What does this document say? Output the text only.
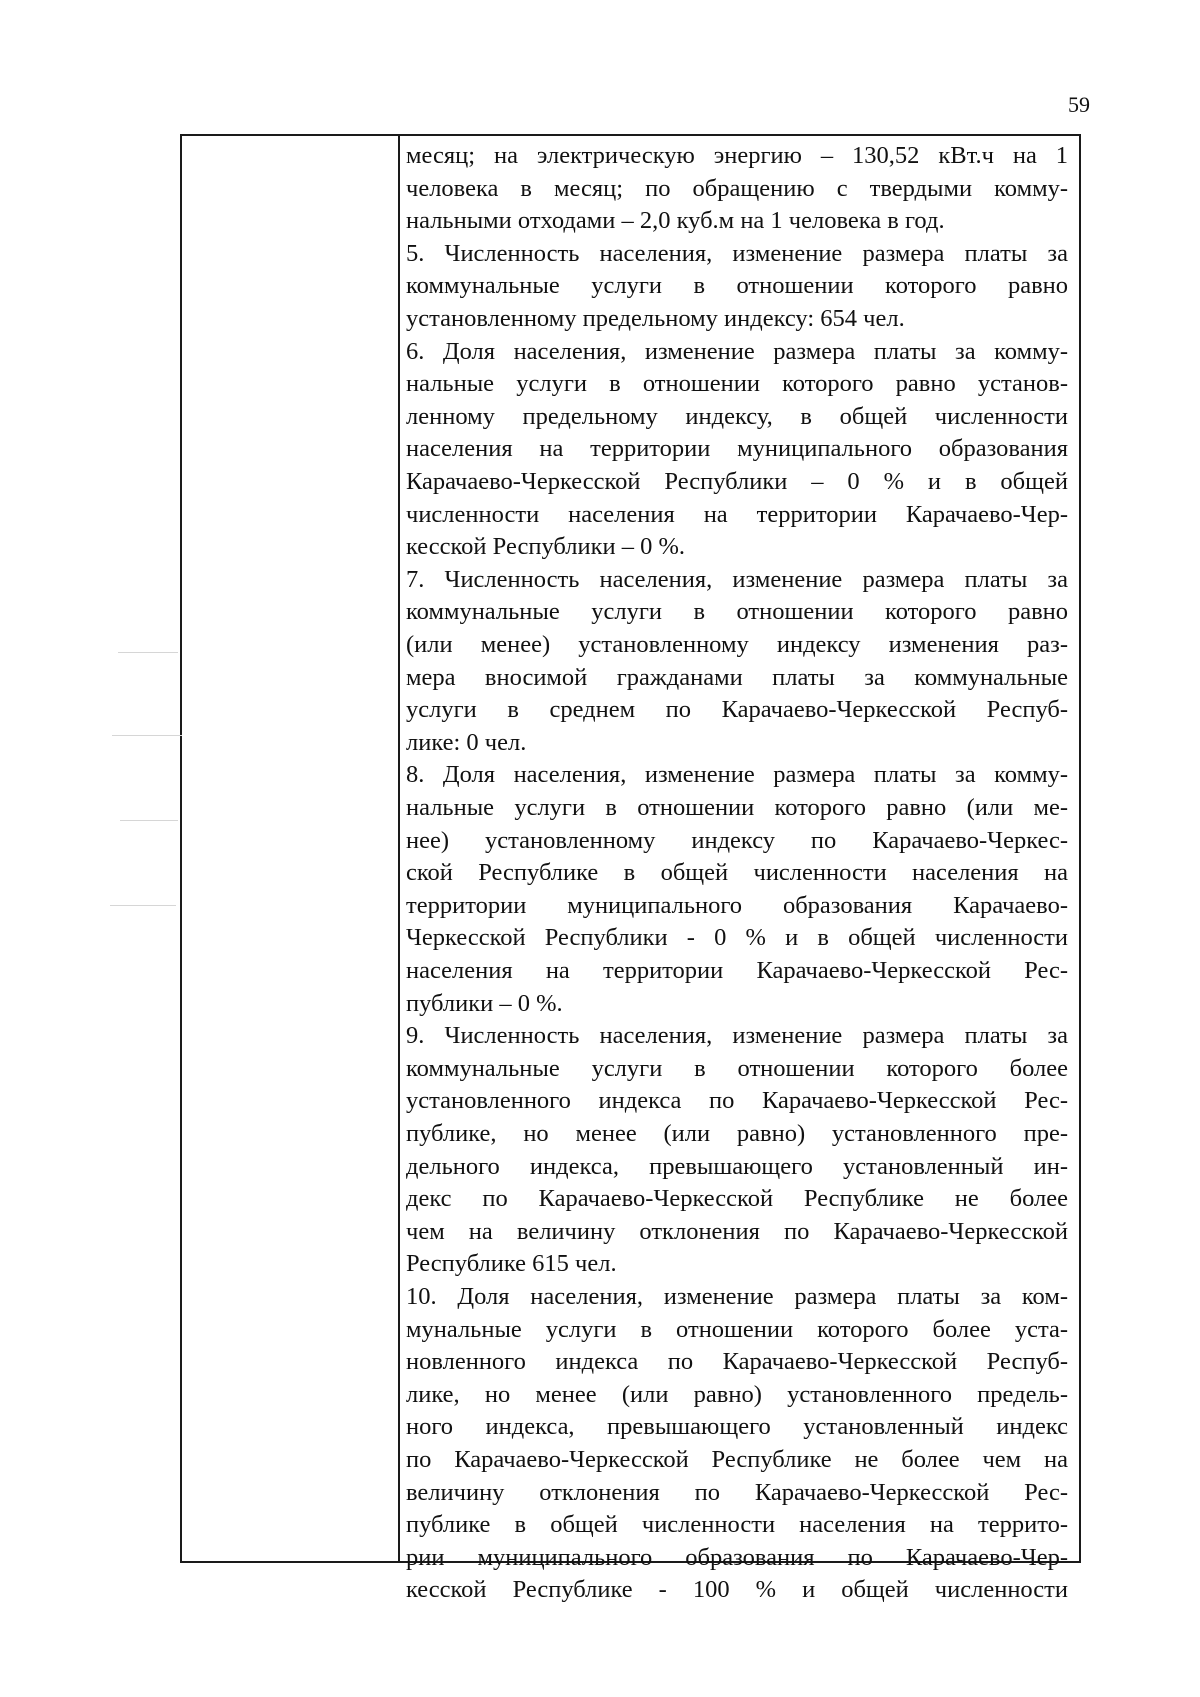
59
месяц; на электрическую энергию – 130,52 кВт.ч на 1
человека в месяц; по обращению с твердыми комму-
нальными отходами – 2,0 куб.м на 1 человека в год.
5. Численность населения, изменение размера платы за
коммунальные услуги в отношении которого равно
установленному предельному индексу: 654 чел.
6. Доля населения, изменение размера платы за комму-
нальные услуги в отношении которого равно установ-
ленному предельному индексу, в общей численности
населения на территории муниципального образования
Карачаево-Черкесской Республики – 0 % и в общей
численности населения на территории Карачаево-Чер-
кесской Республики – 0 %.
7. Численность населения, изменение размера платы за
коммунальные услуги в отношении которого равно
(или менее) установленному индексу изменения раз-
мера вносимой гражданами платы за коммунальные
услуги в среднем по Карачаево-Черкесской Респуб-
лике: 0 чел.
8. Доля населения, изменение размера платы за комму-
нальные услуги в отношении которого равно (или ме-
нее) установленному индексу по Карачаево-Черкес-
ской Республике в общей численности населения на
территории муниципального образования Карачаево-
Черкесской Республики - 0 % и в общей численности
населения на территории Карачаево-Черкесской Рес-
публики – 0 %.
9. Численность населения, изменение размера платы за
коммунальные услуги в отношении которого более
установленного индекса по Карачаево-Черкесской Рес-
публике, но менее (или равно) установленного пре-
дельного индекса, превышающего установленный ин-
декс по Карачаево-Черкесской Республике не более
чем на величину отклонения по Карачаево-Черкесской
Республике 615 чел.
10. Доля населения, изменение размера платы за ком-
мунальные услуги в отношении которого более уста-
новленного индекса по Карачаево-Черкесской Респуб-
лике, но менее (или равно) установленного предель-
ного индекса, превышающего установленный индекс
по Карачаево-Черкесской Республике не более чем на
величину отклонения по Карачаево-Черкесской Рес-
публике в общей численности населения на террито-
рии муниципального образования по Карачаево-Чер-
кесской Республике - 100 % и общей численности
